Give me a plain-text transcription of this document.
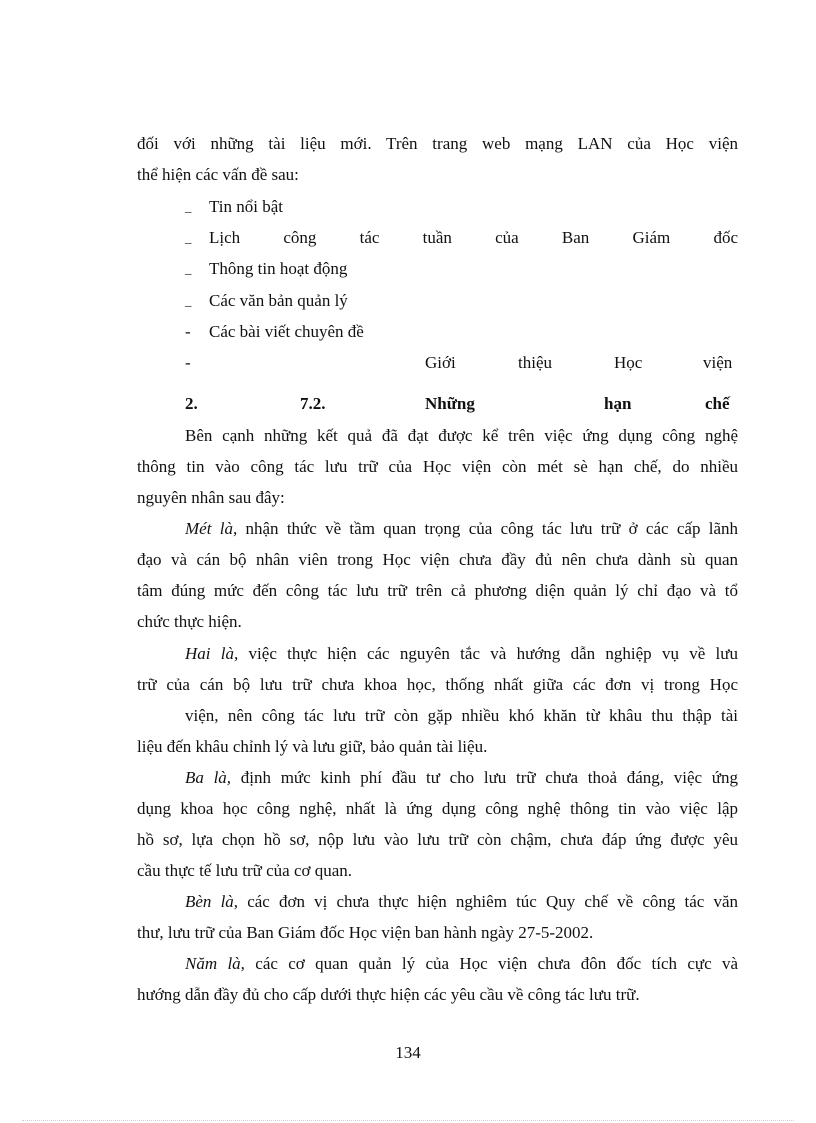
đối với những tài liệu mới. Trên trang web mạng LAN của Học viện
thể hiện các vấn đề sau:
_	Tin nổi bật
_	Lịch công tác tuần của Ban Giám đốc
_	Thông tin hoạt động
_	Các văn bản quản lý
-	Các bài viết chuyên đề
-	Giới	thiệu	Học	viện
2.	7.2.	Những	hạn	chế
Bên cạnh những kết quả đã đạt được kể trên việc ứng dụng công nghệ
thông tin vào công tác lưu trữ của Học viện còn mét sè hạn chế, do nhiều
nguyên nhân sau đây:
Mét là, nhận thức về tầm quan trọng của công tác lưu trữ ở các cấp lãnh
đạo và cán bộ nhân viên trong Học viện chưa đầy đủ nên chưa dành sù quan
tâm đúng mức đến công tác lưu trữ trên cả phương diện quản lý chỉ đạo và tổ
chức thực hiện.
Hai là, việc thực hiện các nguyên tắc và hướng dẫn nghiệp vụ về lưu
trữ của cán bộ lưu trữ chưa khoa học, thống nhất giữa các đơn vị trong Học
viện, nên công tác lưu trữ còn gặp nhiều khó khăn từ khâu thu thập tài
liệu đến khâu chỉnh lý và lưu giữ, bảo quản tài liệu.
Ba là, định mức kinh phí đầu tư cho lưu trữ chưa thoả đáng, việc ứng
dụng khoa học công nghệ, nhất là ứng dụng công nghệ thông tin vào việc lập
hồ sơ, lựa chọn hồ sơ, nộp lưu vào lưu trữ còn chậm, chưa đáp ứng được yêu
cầu thực tế lưu trữ của cơ quan.
Bèn là, các đơn vị chưa thực hiện nghiêm túc Quy chế về công tác văn
thư, lưu trữ của Ban Giám đốc Học viện ban hành ngày 27-5-2002.
Năm là, các cơ quan quản lý của Học viện chưa đôn đốc tích cực và
hướng dẫn đầy đủ cho cấp dưới thực hiện các yêu cầu về công tác lưu trữ.
134
